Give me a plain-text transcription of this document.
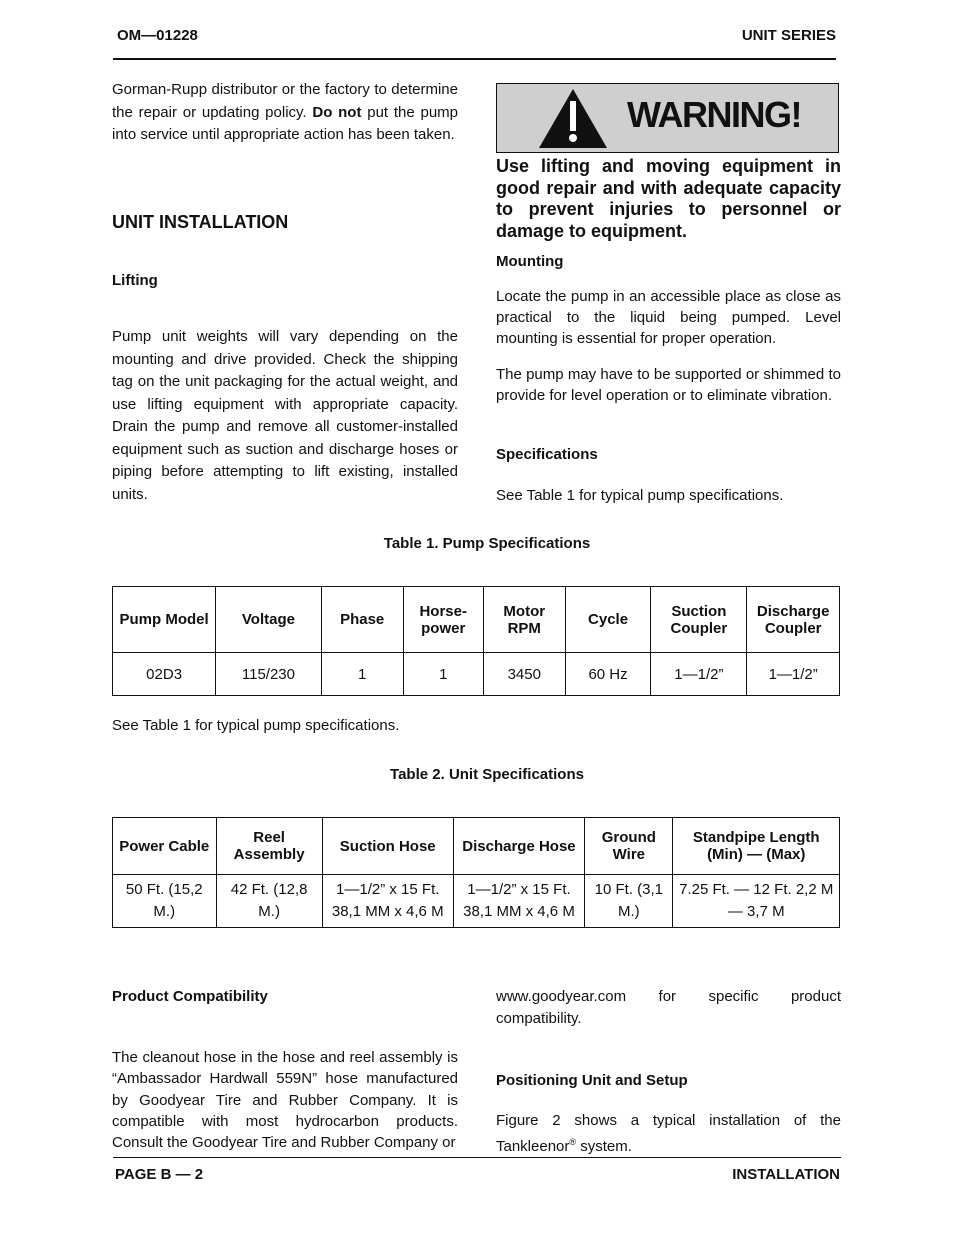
OM—01228	UNIT SERIES

Gorman-Rupp distributor or the factory to determine the repair or updating policy. Do not put the pump into service until appropriate action has been taken.

UNIT INSTALLATION
Lifting

Pump unit weights will vary depending on the mounting and drive provided. Check the shipping tag on the unit packaging for the actual weight, and use lifting equipment with appropriate capacity. Drain the pump and remove all customer-installed equipment such as suction and discharge hoses or piping before attempting to lift existing, installed units.

WARNING!

Use lifting and moving equipment in good repair and with adequate capacity to prevent injuries to personnel or damage to equipment.

Mounting

Locate the pump in an accessible place as close as practical to the liquid being pumped. Level mounting is essential for proper operation.

The pump may have to be supported or shimmed to provide for level operation or to eliminate vibration.

Specifications

See Table 1 for typical pump specifications.

Table 1. Pump Specifications
Pump Model	Voltage	Phase	Horse- power	Motor RPM	Cycle	Suction Coupler	Discharge Coupler
02D3	115/230	1	1	3450	60 Hz	1—1/2”	1—1/2”
See Table 1 for typical pump specifications.
Table 2. Unit Specifications
Power Cable	Reel Assembly	Suction Hose	Discharge Hose	Ground Wire	Standpipe Length (Min) — (Max)
50 Ft. (15,2 M.)	42 Ft. (12,8 M.)	1—1/2” x 15 Ft. 38,1 MM x 4,6 M	1—1/2” x 15 Ft. 38,1 MM x 4,6 M	10 Ft. (3,1 M.)	7.25 Ft. — 12 Ft. 2,2 M — 3,7 M
Product Compatibility

The cleanout hose in the hose and reel assembly is “Ambassador Hardwall 559N” hose manufactured by Goodyear Tire and Rubber Company. It is compatible with most hydrocarbon products. Consult the Goodyear Tire and Rubber Company or

www.goodyear.com for specific product compatibility.

Positioning Unit and Setup

Figure 2 shows a typical installation of the Tankleenor® system.

PAGE B — 2	INSTALLATION
